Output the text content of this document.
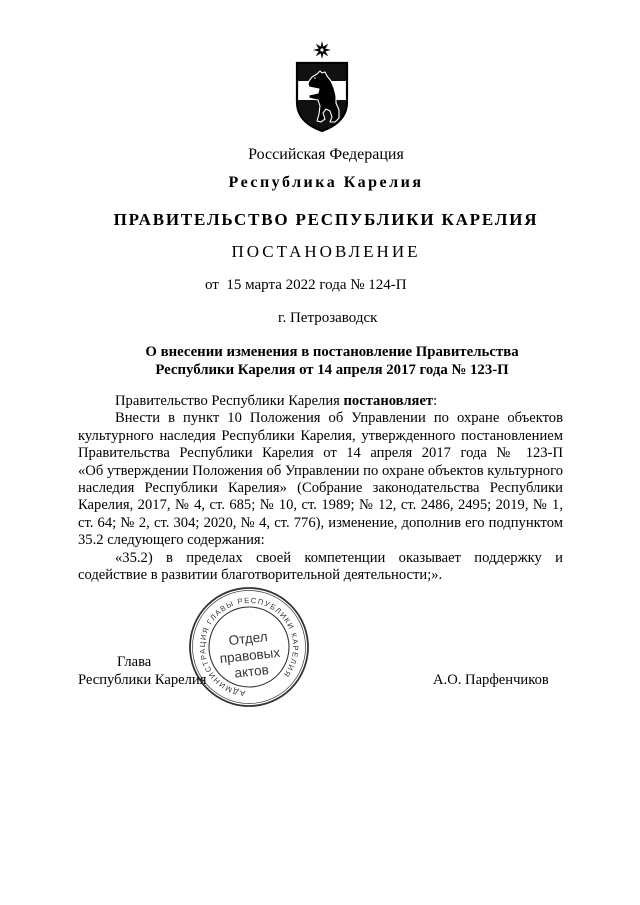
Российская Федерация
Республика Карелия
ПРАВИТЕЛЬСТВО РЕСПУБЛИКИ КАРЕЛИЯ
ПОСТАНОВЛЕНИЕ
от  15 марта 2022 года № 124-П
г. Петрозаводск
О внесении изменения в постановление Правительства
Республики Карелия от 14 апреля 2017 года № 123-П
Правительство Республики Карелия постановляет:
Внести в пункт 10 Положения об Управлении по охране объектов
культурного наследия Республики Карелия, утвержденного постановлением
Правительства Республики Карелия от 14 апреля 2017 года № 123-П
«Об утверждении Положения об Управлении по охране объектов культурного
наследия Республики Карелия» (Собрание законодательства Республики
Карелия, 2017, № 4, ст. 685; № 10, ст. 1989; № 12, ст. 2486, 2495; 2019, № 1,
ст. 64; № 2, ст. 304; 2020, № 4, ст. 776), изменение, дополнив его подпунктом
35.2 следующего содержания:
«35.2) в пределах своей компетенции оказывает поддержку и
содействие в развитии благотворительной деятельности;».
Глава
Республики Карелия	А.О. Парфенчиков
АДМИНИСТРАЦИЯ ГЛАВЫ РЕСПУБЛИКИ КАРЕЛИЯ
Отдел
правовых
актов
